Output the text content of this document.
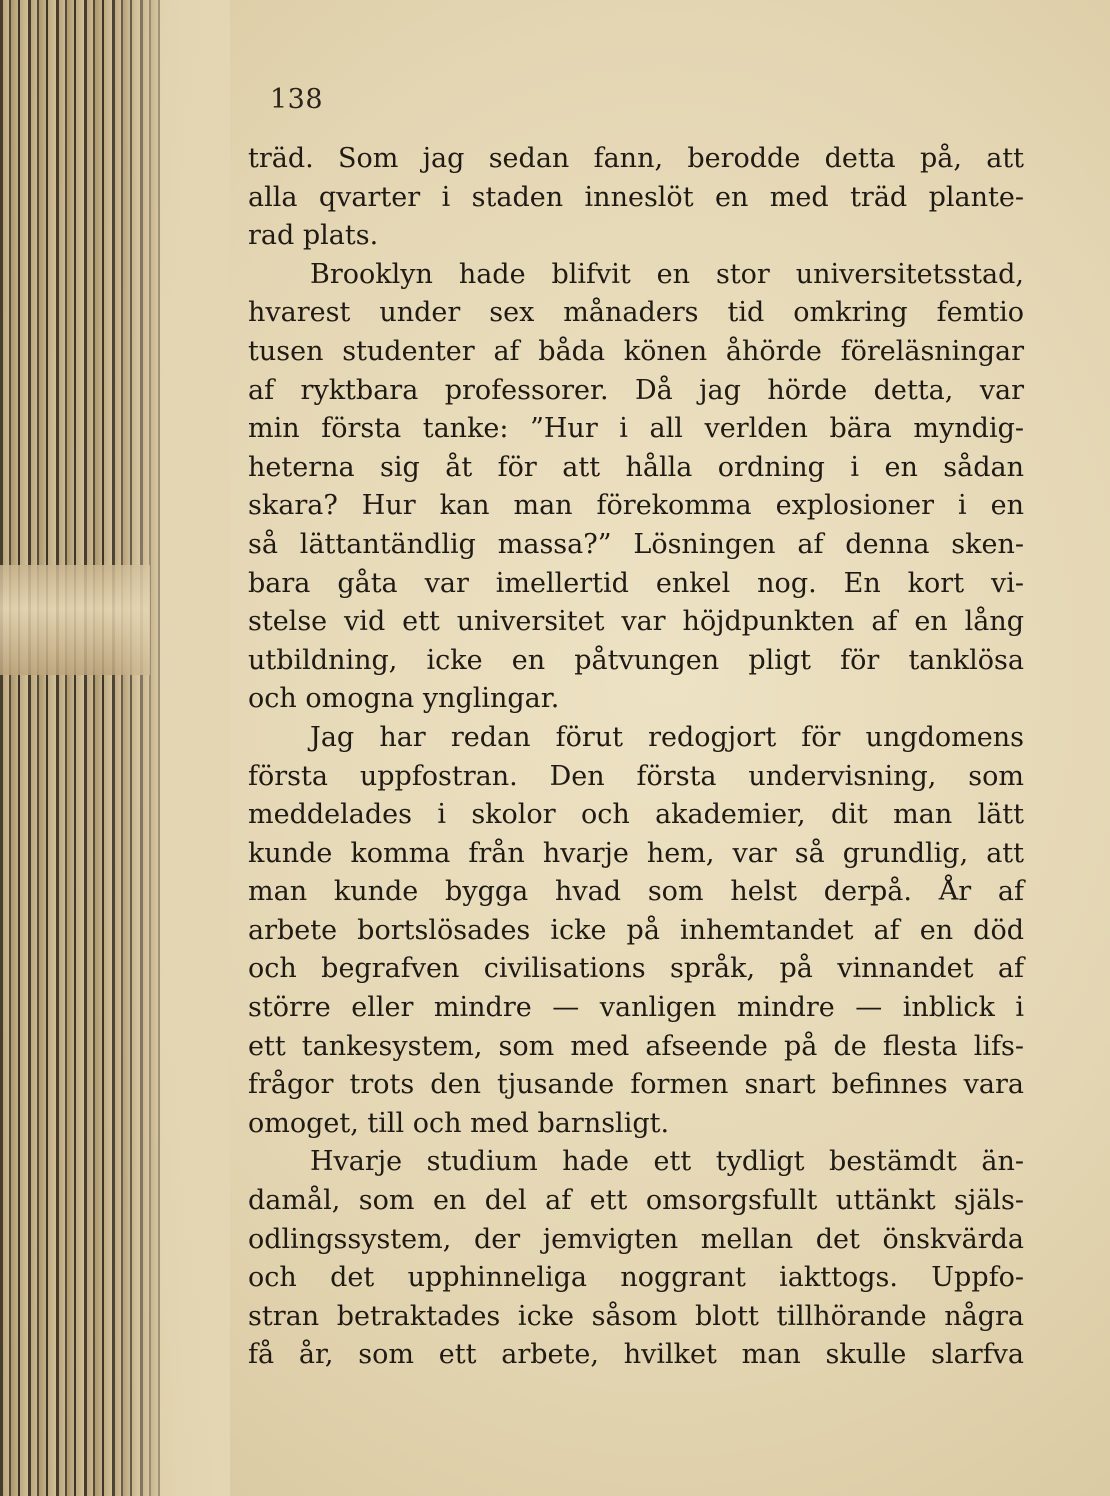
138
träd. Som jag sedan fann, berodde detta på, att
alla qvarter i staden inneslöt en med träd plante-
rad plats.
Brooklyn hade blifvit en stor universitetsstad,
hvarest under sex månaders tid omkring femtio
tusen studenter af båda könen åhörde föreläsningar
af ryktbara professorer. Då jag hörde detta, var
min första tanke: ”Hur i all verlden bära myndig-
heterna sig åt för att hålla ordning i en sådan
skara? Hur kan man förekomma explosioner i en
så lättantändlig massa?” Lösningen af denna sken-
bara gåta var imellertid enkel nog. En kort vi-
stelse vid ett universitet var höjdpunkten af en lång
utbildning, icke en påtvungen pligt för tanklösa
och omogna ynglingar.
Jag har redan förut redogjort för ungdomens
första uppfostran. Den första undervisning, som
meddelades i skolor och akademier, dit man lätt
kunde komma från hvarje hem, var så grundlig, att
man kunde bygga hvad som helst derpå. År af
arbete bortslösades icke på inhemtandet af en död
och begrafven civilisations språk, på vinnandet af
större eller mindre — vanligen mindre — inblick i
ett tankesystem, som med afseende på de flesta lifs-
frågor trots den tjusande formen snart befinnes vara
omoget, till och med barnsligt.
Hvarje studium hade ett tydligt bestämdt än-
damål, som en del af ett omsorgsfullt uttänkt själs-
odlingssystem, der jemvigten mellan det önskvärda
och det upphinneliga noggrant iakttogs. Uppfo-
stran betraktades icke såsom blott tillhörande några
få år, som ett arbete, hvilket man skulle slarfva
